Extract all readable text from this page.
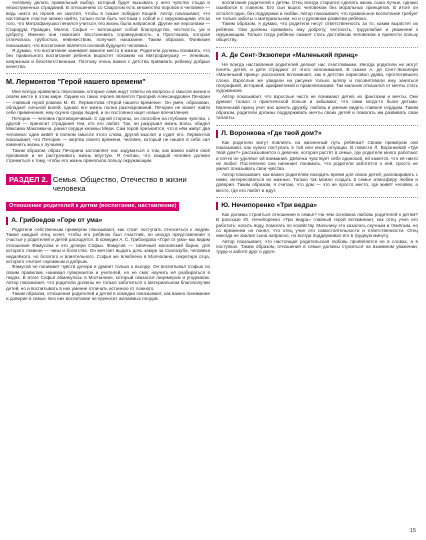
человеку делать правильный выбор, который будет вызывать у него чувство стыда и незаслуженных страданий. В отношениях со Сварогом есть множество пороков в человеке — ведь никто из героев не захотел, чтобы в сказке победил Кощей. Автор показывает, что настоящее счастье можно найти, только если быть честным с собой и с окружающими. Из-за того, что Митрофанушка ленился учиться, его жизнь была напрасной. Другие же персонажи — Стародум, Правдин, Милон, Софья — воплощают собой благородство, честность, ум и доброту. Именно они помогают восстановить справедливость, а Простакова, которая отличалась грубостью, невежеством, получает наказание. Таким образом, Фонвизин показывает, что воспитание является основой будущего человека.

Я думаю, что воспитание занимает важное место в жизни. Родители должны понимать, что без правильного воспитания ребенок вырастет похожим на Митрофанушку — ленивым, капризным и безответственным. Поэтому очень важно с детства прививать ребенку добрые качества.

М. Лермонтов "Герой нашего времени"

Мне всегда нравились персонажи, которые сами ищут ответы на вопросы о смысле жизни и своём месте в этом мире. Одним из таких героев является Григорий Александрович Печорин — главный герой романа М. Ю. Лермонтова «Герой нашего времени». Он умён, образован, обладает сильной волей, однако его жизнь полна разочарований. Печорин не может найти себе применения, ему скучно среди людей, и он постоянно ищет новые впечатления.

Печорин — человек противоречивый. С одной стороны, он способен на глубокие чувства, с другой — приносит страдания тем, кто его любит. Так, он разрушил жизнь Бэлы, обидел Максима Максимыча, ранил сердце княжны Мери. Сам герой признаётся, что в нём живут два человека: один живёт в полном смысле этого слова, другой мыслит и судит его. Лермонтов показывает, что Печорин — жертва своего времени, человек, который не нашёл в себе сил изменить жизнь к лучшему.

Таким образом, образ Печорина заставляет нас задуматься о том, как важно найти своё призвание и не растрачивать жизнь впустую. Я считаю, что каждый человек должен стремиться к тому, чтобы его жизнь приносила пользу окружающим.

РАЗДЕЛ 2. Семья. Общество, Отечество в жизни человека
Отношение родителей к детям (воспитание, наставление)
А. Грибоедов «Горе от ума»

Родители собственным примером показывают, как стоит поступать относиться к людям. Также каждый отец хочет, чтобы его ребёнок был счастлив, но иногда представления о счастье у родителей и детей расходятся. В комедии А. С. Грибоедова «Горе от ума» мы видим отношения Фамусова и его дочери Софьи. Фамусов — типичный московский барин, для которого главное — чины и богатство. Он мечтает выдать дочь замуж за Скалозуба, человека недалёкого, но богатого и влиятельного. Софья же влюблена в Молчалина, секретаря отца, которого считает скромным и добрым.

Фамусов не понимает чувств дочери и думает только о выгоде. Он воспитывал Софью по своим правилам, нанимал гувернанток и учителей, но не смог научить её разбираться в людях. В итоге Софья обманулась в Молчалине, который оказался лицемером и угодником. Автор показывает, что родители должны не только заботиться о материальном благополучии детей, но и воспитывать в них умение отличать истинное от ложного.

Таким образом, отношения родителей и детей в комедии показывают, как важно понимание и доверие в семье. Без них воспитание не приносит желаемых плодов.

воспитания родителей к детям. Отец всегда старался сделать жизнь сына лучше, однако ошибался в главном. Его сын вырос человеком без моральных принципов. В итоге он остался один, без поддержки и любви. Автор показывает, что правильное воспитание требует не только заботы о материальном, но и о духовном развитии ребёнка.

Таким образом, я думаю, что родители несут ответственность за то, каким вырастет их ребёнок. Они должны прививать ему доброту, честность, трудолюбие и уважение к окружающим. Только тогда ребёнок сможет стать достойным человеком и принести пользу обществу.

А. Де Сент-Экзюпери «Маленький принц»

Не всегда наставления родителей делают нас счастливыми. Иногда родители не могут понять детей, и дети страдают от этого непонимания. В сказке А. де Сент-Экзюпери «Маленький принц» рассказчик вспоминает, как в детстве нарисовал удава, проглотившего слона. Взрослые же увидели на рисунке только шляпу и посоветовали ему заняться географией, историей, арифметикой и правописанием. Так мальчик отказался от мечты стать художником.

Автор показывает, что взрослые часто не понимают детей, их фантазии и мечты. Они думают только о практической пользе и забывают, что сами когда-то были детьми. Маленький принц учит нас ценить дружбу, любовь и умение видеть главное сердцем. Таким образом, родители должны поддерживать мечты своих детей и помогать им развивать свои таланты.

Л. Воронкова «Где твой дом?»

Как родители могут повлиять на жизненный путь ребёнка? Своим примером они показывают, как нужно поступать в той или иной ситуации. В повести Л. Воронковой «Где твой дом?» рассказывается о девочке, которая растёт в семье, где родители много работают и почти не уделяют ей внимания. Девочка чувствует себя одинокой, ей кажется, что её никто не любит. Постепенно она начинает понимать, что родители заботятся о ней, просто не умеют показывать свои чувства.

Автор показывает, как важно родителям находить время для своих детей, разговаривать с ними, интересоваться их жизнью. Только так можно создать в семье атмосферу любви и доверия. Таким образом, я считаю, что дом — это не просто место, где живёт человек, а место, где его любят и ждут.

Ю. Нечипоренко «Три ведра»

Как должны строиться отношения в семье? На чём основана любовь родителей к детям? В рассказе Ю. Нечипоренко «Три ведра» главный герой вспоминает, как отец учил его работать: носить воду, помогать по хозяйству. Мальчику это казалось скучным и тяжёлым, но со временем он понял, что отец учил его самостоятельности и ответственности. Отец никогда не хвалил сына напрасно, но всегда поддерживал его в трудную минуту.

Автор показывает, что настоящая родительская любовь проявляется не в словах, а в поступках. Таким образом, отношения в семье должны строиться на взаимном уважении, труде и заботе друг о друге.

15
